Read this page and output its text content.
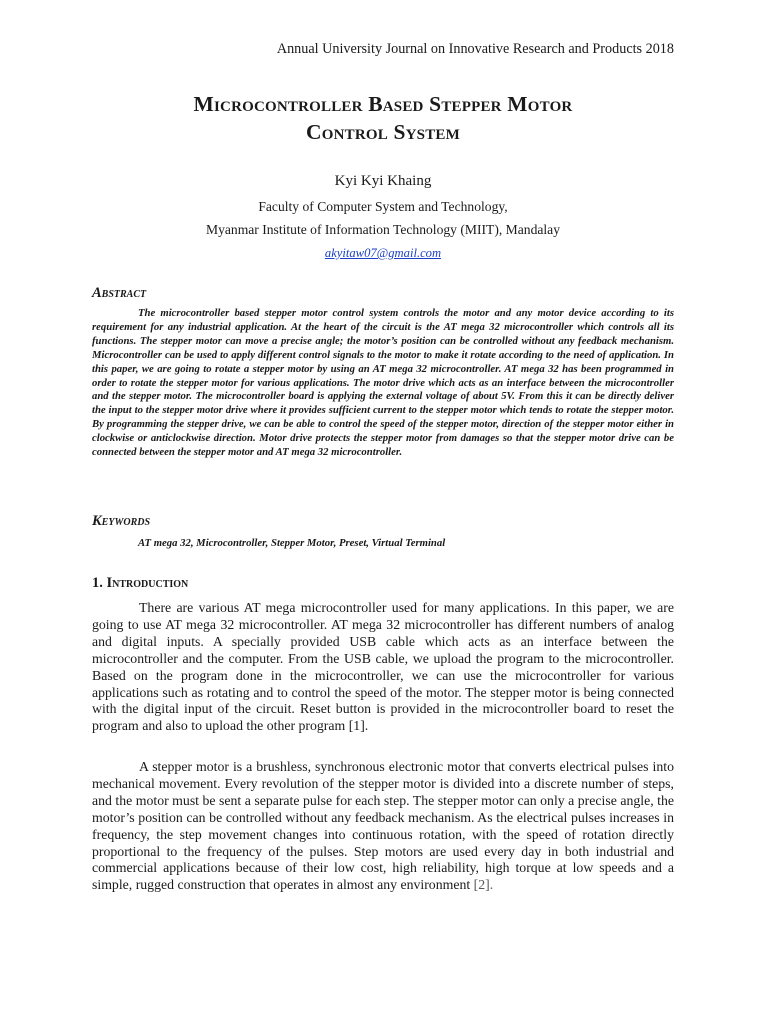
Annual University Journal on Innovative Research and Products 2018
Microcontroller Based Stepper Motor
Control System
Kyi Kyi Khaing
Faculty of Computer System and Technology,
Myanmar Institute of Information Technology (MIIT), Mandalay
akyitaw07@gmail.com
Abstract

The microcontroller based stepper motor control system controls the motor and any motor device according to its requirement for any industrial application. At the heart of the circuit is the AT mega 32 microcontroller which controls all its functions. The stepper motor can move a precise angle; the motor’s position can be controlled without any feedback mechanism. Microcontroller can be used to apply different control signals to the motor to make it rotate according to the need of application. In this paper, we are going to rotate a stepper motor by using an AT mega 32 microcontroller. AT mega 32 has been programmed in order to rotate the stepper motor for various applications. The motor drive which acts as an interface between the microcontroller and the stepper motor. The microcontroller board is applying the external voltage of about 5V. From this it can be directly deliver the input to the stepper motor drive where it provides sufficient current to the stepper motor which tends to rotate the stepper motor. By programming the stepper drive, we can be able to control the speed of the stepper motor, direction of the stepper motor either in clockwise or anticlockwise direction. Motor drive protects the stepper motor from damages so that the stepper motor drive can be connected between the stepper motor and AT mega 32 microcontroller.

Keywords
AT mega 32, Microcontroller, Stepper Motor, Preset, Virtual Terminal
1. Introduction

There are various AT mega microcontroller used for many applications. In this paper, we are going to use AT mega 32 microcontroller. AT mega 32 microcontroller has different numbers of analog and digital inputs. A specially provided USB cable which acts as an interface between the microcontroller and the computer. From the USB cable, we upload the program to the microcontroller. Based on the program done in the microcontroller, we can use the microcontroller for various applications such as rotating and to control the speed of the motor. The stepper motor is being connected with the digital input of the circuit. Reset button is provided in the microcontroller board to reset the program and also to upload the other program [1].

A stepper motor is a brushless, synchronous electronic motor that converts electrical pulses into mechanical movement. Every revolution of the stepper motor is divided into a discrete number of steps, and the motor must be sent a separate pulse for each step. The stepper motor can only a precise angle, the motor’s position can be controlled without any feedback mechanism. As the electrical pulses increases in frequency, the step movement changes into continuous rotation, with the speed of rotation directly proportional to the frequency of the pulses. Step motors are used every day in both industrial and commercial applications because of their low cost, high reliability, high torque at low speeds and a simple, rugged construction that operates in almost any environment [2].
